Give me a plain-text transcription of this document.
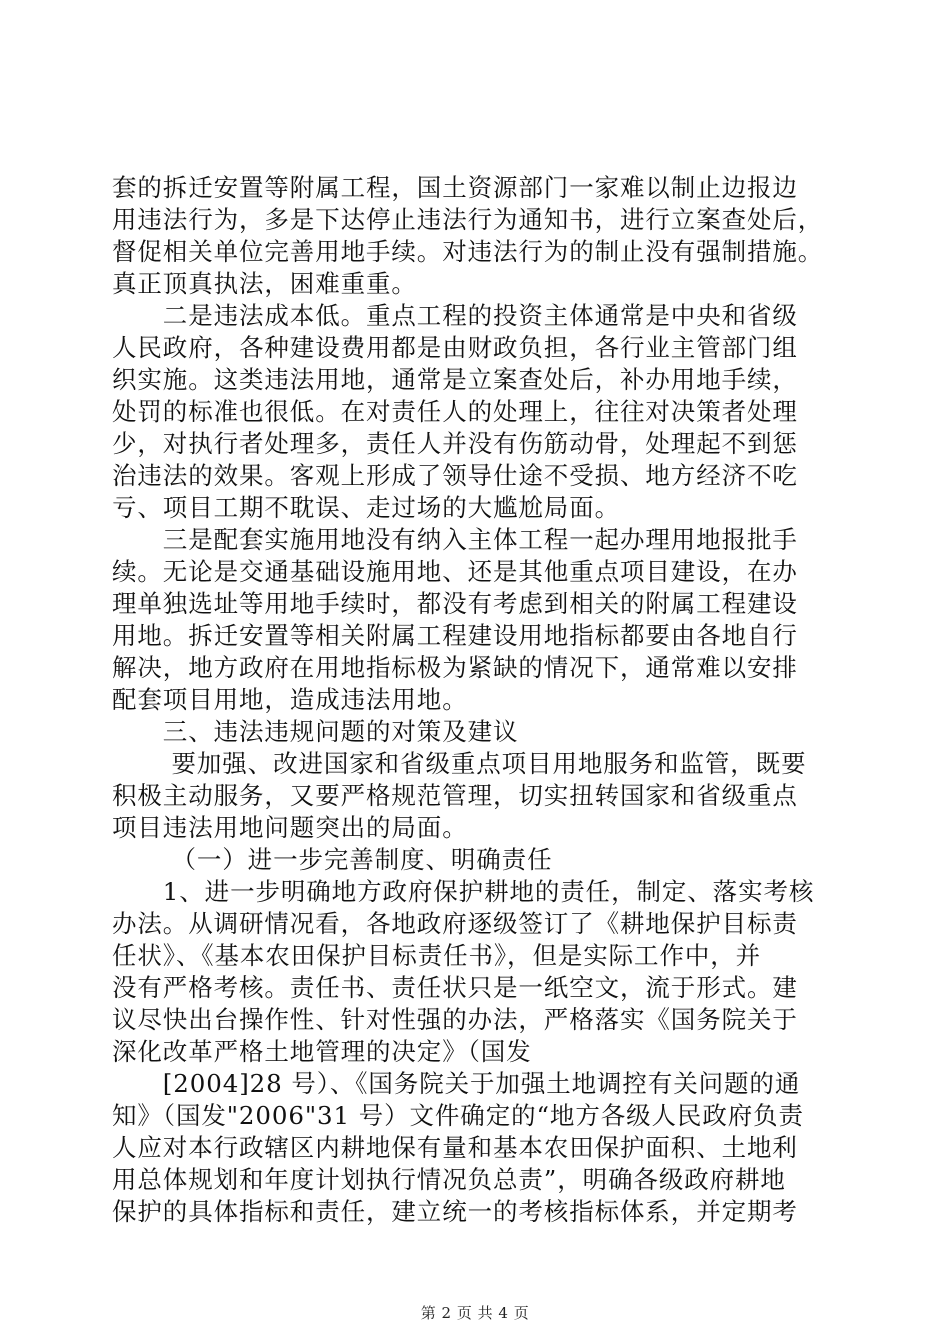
套的拆迁安置等附属工程，国土资源部门一家难以制止边报边
用违法行为，多是下达停止违法行为通知书，进行立案查处后，
督促相关单位完善用地手续。对违法行为的制止没有强制措施。
真正顶真执法，困难重重。
　　二是违法成本低。重点工程的投资主体通常是中央和省级
人民政府，各种建设费用都是由财政负担，各行业主管部门组
织实施。这类违法用地，通常是立案查处后，补办用地手续，
处罚的标准也很低。在对责任人的处理上，往往对决策者处理
少，对执行者处理多，责任人并没有伤筋动骨，处理起不到惩
治违法的效果。客观上形成了领导仕途不受损、地方经济不吃
亏、项目工期不耽误、走过场的大尴尬局面。
　　三是配套实施用地没有纳入主体工程一起办理用地报批手
续。无论是交通基础设施用地、还是其他重点项目建设，在办
理单独选址等用地手续时，都没有考虑到相关的附属工程建设
用地。拆迁安置等相关附属工程建设用地指标都要由各地自行
解决，地方政府在用地指标极为紧缺的情况下，通常难以安排
配套项目用地，造成违法用地。
　　三、违法违规问题的对策及建议
　　 要加强、改进国家和省级重点项目用地服务和监管，既要
积极主动服务，又要严格规范管理，切实扭转国家和省级重点
项目违法用地问题突出的局面。
　　 （一）进一步完善制度、明确责任
　　1、进一步明确地方政府保护耕地的责任，制定、落实考核
办法。从调研情况看，各地政府逐级签订了《耕地保护目标责
任状》、《基本农田保护目标责任书》，但是实际工作中，并
没有严格考核。责任书、责任状只是一纸空文，流于形式。建
议尽快出台操作性、针对性强的办法，严格落实《国务院关于
深化改革严格土地管理的决定》（国发
　　[2004]28 号）、《国务院关于加强土地调控有关问题的通
知》（国发"2006"31 号）文件确定的“地方各级人民政府负责
人应对本行政辖区内耕地保有量和基本农田保护面积、土地利
用总体规划和年度计划执行情况负总责”，明确各级政府耕地
保护的具体指标和责任，建立统一的考核指标体系，并定期考
第 2 页 共 4 页
